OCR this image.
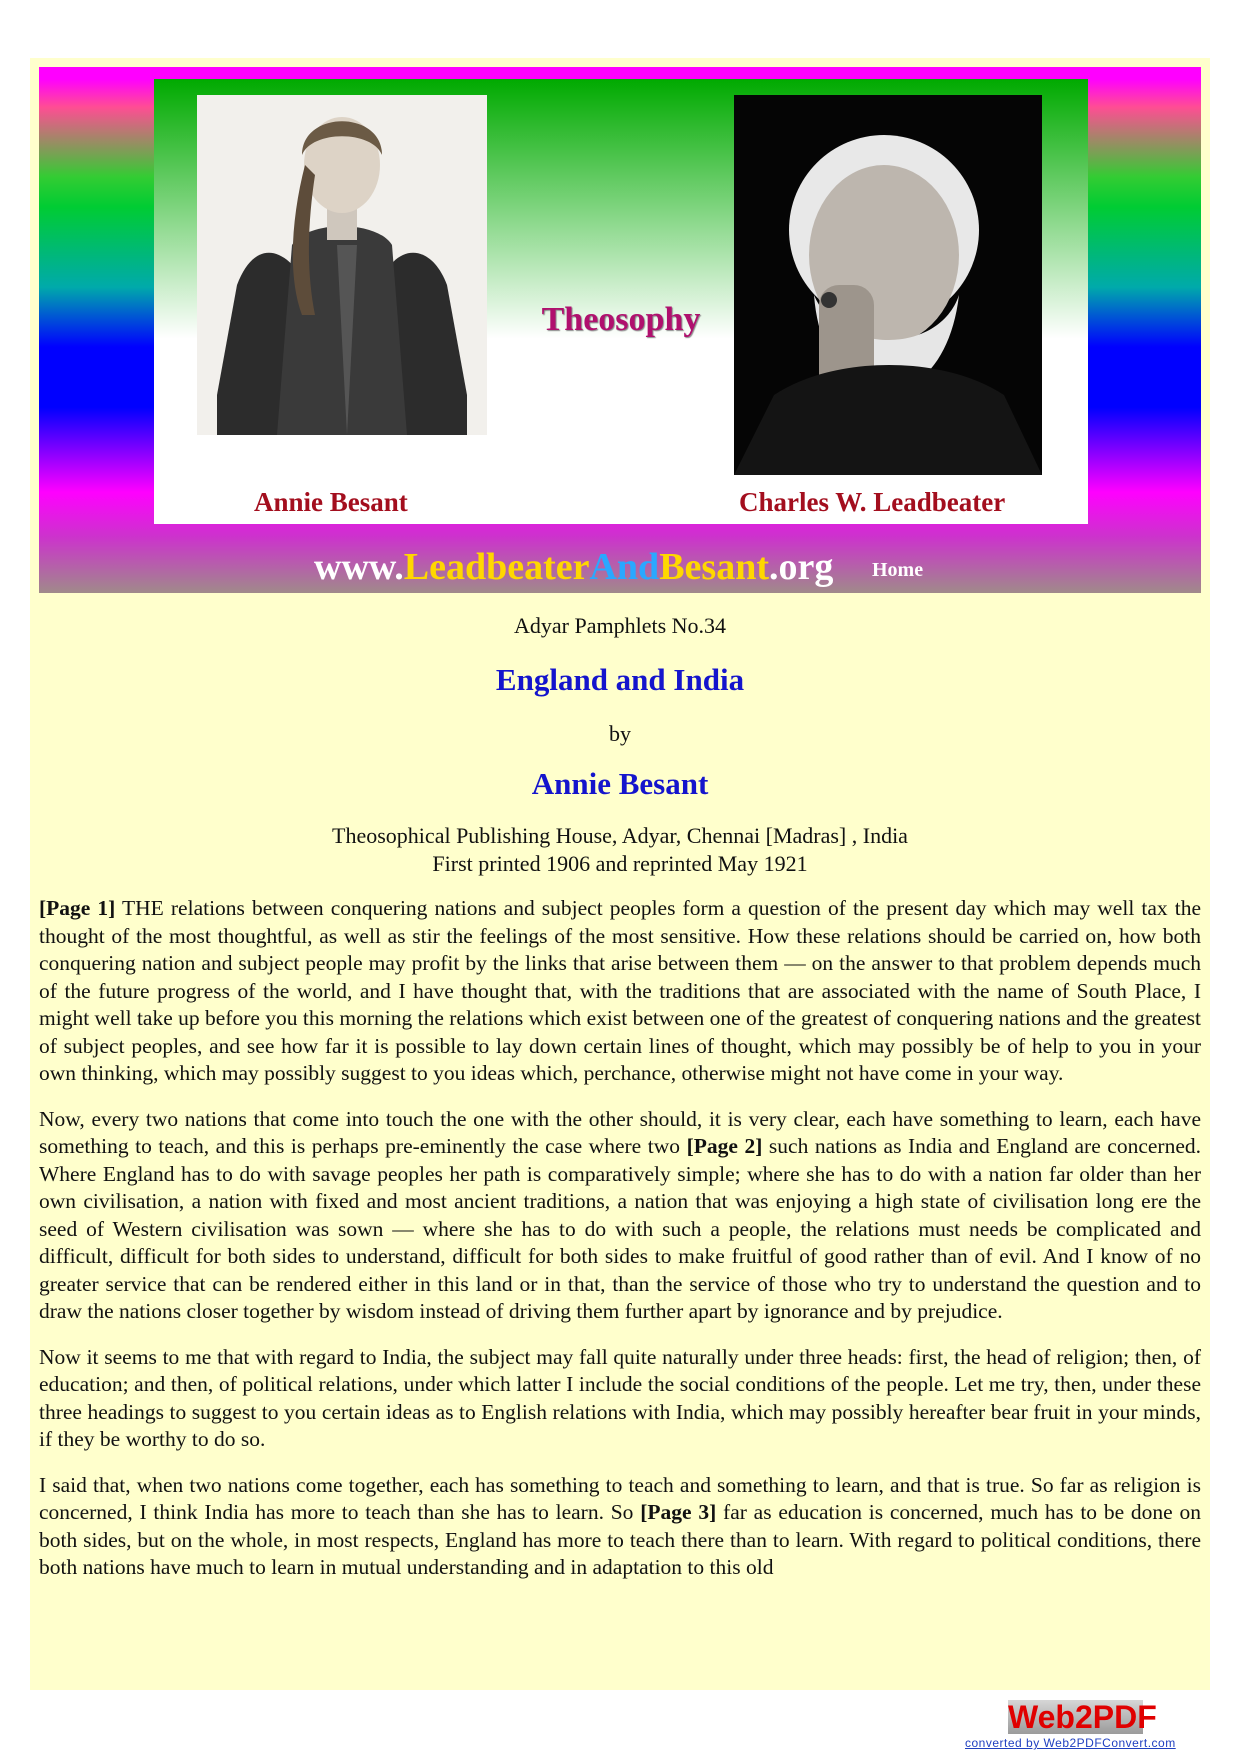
Theosophy
Annie Besant	Charles W. Leadbeater
www.LeadbeaterAndBesant.org Home

Adyar Pamphlets No.34

England and India

by

Annie Besant

Theosophical Publishing House, Adyar, Chennai [Madras] , India
First printed 1906 and reprinted May 1921

[Page 1] THE relations between conquering nations and subject peoples form a question of the present day which may well tax the thought of the most thoughtful, as well as stir the feelings of the most sensitive. How these relations should be carried on, how both conquering nation and subject people may profit by the links that arise between them — on the answer to that problem depends much of the future progress of the world, and I have thought that, with the traditions that are associated with the name of South Place, I might well take up before you this morning the relations which exist between one of the greatest of conquering nations and the greatest of subject peoples, and see how far it is possible to lay down certain lines of thought, which may possibly be of help to you in your own thinking, which may possibly suggest to you ideas which, perchance, otherwise might not have come in your way.

Now, every two nations that come into touch the one with the other should, it is very clear, each have something to learn, each have something to teach, and this is perhaps pre-eminently the case where two [Page 2] such nations as India and England are concerned. Where England has to do with savage peoples her path is comparatively simple; where she has to do with a nation far older than her own civilisation, a nation with fixed and most ancient traditions, a nation that was enjoying a high state of civilisation long ere the seed of Western civilisation was sown — where she has to do with such a people, the relations must needs be complicated and difficult, difficult for both sides to understand, difficult for both sides to make fruitful of good rather than of evil. And I know of no greater service that can be rendered either in this land or in that, than the service of those who try to understand the question and to draw the nations closer together by wisdom instead of driving them further apart by ignorance and by prejudice.

Now it seems to me that with regard to India, the subject may fall quite naturally under three heads: first, the head of religion; then, of education; and then, of political relations, under which latter I include the social conditions of the people. Let me try, then, under these three headings to suggest to you certain ideas as to English relations with India, which may possibly hereafter bear fruit in your minds, if they be worthy to do so.

I said that, when two nations come together, each has something to teach and something to learn, and that is true. So far as religion is concerned, I think India has more to teach than she has to learn. So [Page 3] far as education is concerned, much has to be done on both sides, but on the whole, in most respects, England has more to teach there than to learn. With regard to political conditions, there both nations have much to learn in mutual understanding and in adaptation to this old

Web2PDF
converted by Web2PDFConvert.com
